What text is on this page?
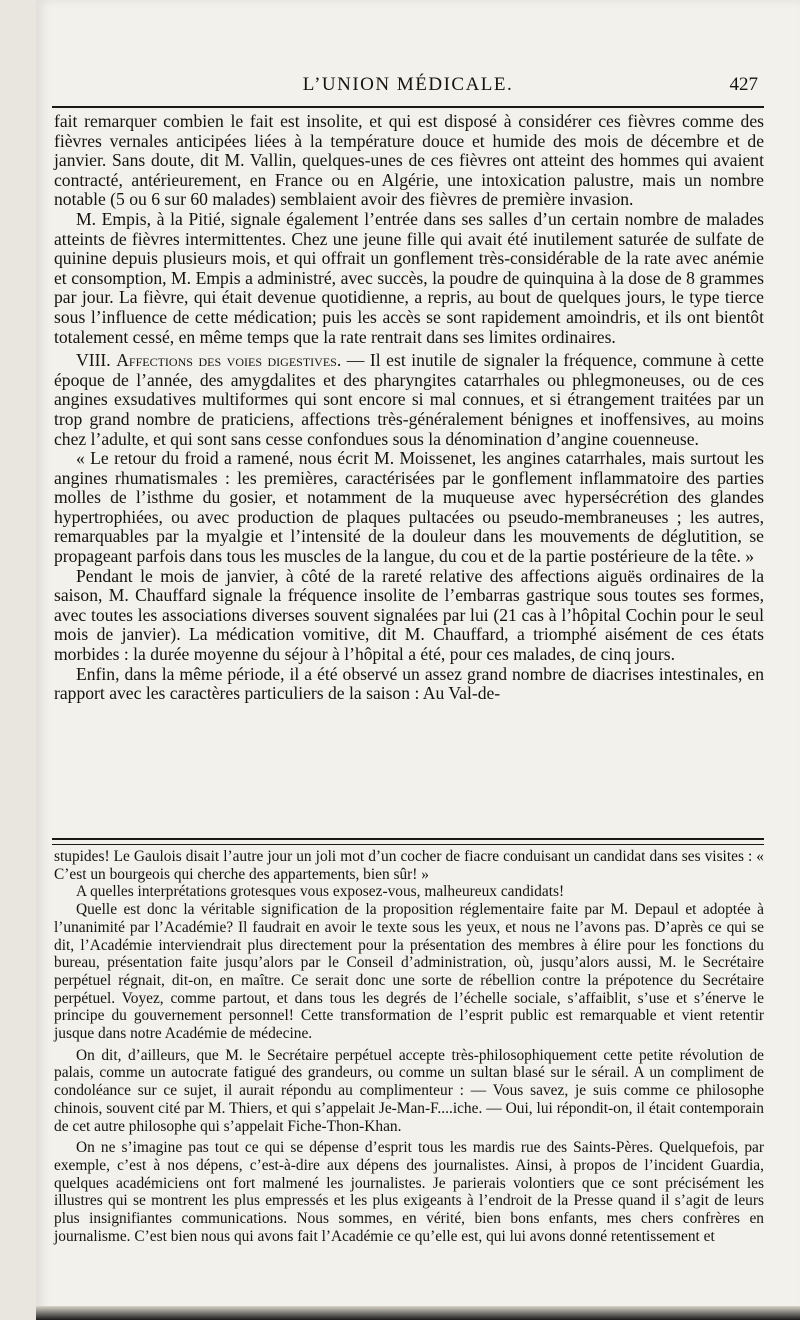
L’UNION MÉDICALE.	427

fait remarquer combien le fait est insolite, et qui est disposé à considérer ces fièvres comme des fièvres vernales anticipées liées à la température douce et humide des mois de décembre et de janvier. Sans doute, dit M. Vallin, quelques-unes de ces fièvres ont atteint des hommes qui avaient contracté, antérieurement, en France ou en Algérie, une intoxication palustre, mais un nombre notable (5 ou 6 sur 60 malades) semblaient avoir des fièvres de première invasion.

M. Empis, à la Pitié, signale également l’entrée dans ses salles d’un certain nombre de malades atteints de fièvres intermittentes. Chez une jeune fille qui avait été inutilement saturée de sulfate de quinine depuis plusieurs mois, et qui offrait un gonflement très-considérable de la rate avec anémie et consomption, M. Empis a administré, avec succès, la poudre de quinquina à la dose de 8 grammes par jour. La fièvre, qui était devenue quotidienne, a repris, au bout de quelques jours, le type tierce sous l’influence de cette médication; puis les accès se sont rapidement amoindris, et ils ont bientôt totalement cessé, en même temps que la rate rentrait dans ses limites ordinaires.

VIII. Affections des voies digestives. — Il est inutile de signaler la fréquence, commune à cette époque de l’année, des amygdalites et des pharyngites catarrhales ou phlegmoneuses, ou de ces angines exsudatives multiformes qui sont encore si mal connues, et si étrangement traitées par un trop grand nombre de praticiens, affections très-généralement bénignes et inoffensives, au moins chez l’adulte, et qui sont sans cesse confondues sous la dénomination d’angine couenneuse.

« Le retour du froid a ramené, nous écrit M. Moissenet, les angines catarrhales, mais surtout les angines rhumatismales : les premières, caractérisées par le gonflement inflammatoire des parties molles de l’isthme du gosier, et notamment de la muqueuse avec hypersécrétion des glandes hypertrophiées, ou avec production de plaques pultacées ou pseudo-membraneuses ; les autres, remarquables par la myalgie et l’intensité de la douleur dans les mouvements de déglutition, se propageant parfois dans tous les muscles de la langue, du cou et de la partie postérieure de la tête. »

Pendant le mois de janvier, à côté de la rareté relative des affections aiguës ordinaires de la saison, M. Chauffard signale la fréquence insolite de l’embarras gastrique sous toutes ses formes, avec toutes les associations diverses souvent signalées par lui (21 cas à l’hôpital Cochin pour le seul mois de janvier). La médication vomitive, dit M. Chauffard, a triomphé aisément de ces états morbides : la durée moyenne du séjour à l’hôpital a été, pour ces malades, de cinq jours.

Enfin, dans la même période, il a été observé un assez grand nombre de diacrises intestinales, en rapport avec les caractères particuliers de la saison : Au Val-de-

stupides! Le Gaulois disait l’autre jour un joli mot d’un cocher de fiacre conduisant un candidat dans ses visites : « C’est un bourgeois qui cherche des appartements, bien sûr! »

A quelles interprétations grotesques vous exposez-vous, malheureux candidats!

Quelle est donc la véritable signification de la proposition réglementaire faite par M. Depaul et adoptée à l’unanimité par l’Académie? Il faudrait en avoir le texte sous les yeux, et nous ne l’avons pas. D’après ce qui se dit, l’Académie interviendrait plus directement pour la présentation des membres à élire pour les fonctions du bureau, présentation faite jusqu’alors par le Conseil d’administration, où, jusqu’alors aussi, M. le Secrétaire perpétuel régnait, dit-on, en maître. Ce serait donc une sorte de rébellion contre la prépotence du Secrétaire perpétuel. Voyez, comme partout, et dans tous les degrés de l’échelle sociale, s’affaiblit, s’use et s’énerve le principe du gouvernement personnel! Cette transformation de l’esprit public est remarquable et vient retentir jusque dans notre Académie de médecine.

On dit, d’ailleurs, que M. le Secrétaire perpétuel accepte très-philosophiquement cette petite révolution de palais, comme un autocrate fatigué des grandeurs, ou comme un sultan blasé sur le sérail. A un compliment de condoléance sur ce sujet, il aurait répondu au complimenteur : — Vous savez, je suis comme ce philosophe chinois, souvent cité par M. Thiers, et qui s’appelait Je-Man-F....iche. — Oui, lui répondit-on, il était contemporain de cet autre philosophe qui s’appelait Fiche-Thon-Khan.

On ne s’imagine pas tout ce qui se dépense d’esprit tous les mardis rue des Saints-Pères. Quelquefois, par exemple, c’est à nos dépens, c’est-à-dire aux dépens des journalistes. Ainsi, à propos de l’incident Guardia, quelques académiciens ont fort malmené les journalistes. Je parierais volontiers que ce sont précisément les illustres qui se montrent les plus empressés et les plus exigeants à l’endroit de la Presse quand il s’agit de leurs plus insignifiantes communications. Nous sommes, en vérité, bien bons enfants, mes chers confrères en journalisme. C’est bien nous qui avons fait l’Académie ce qu’elle est, qui lui avons donné retentissement et
